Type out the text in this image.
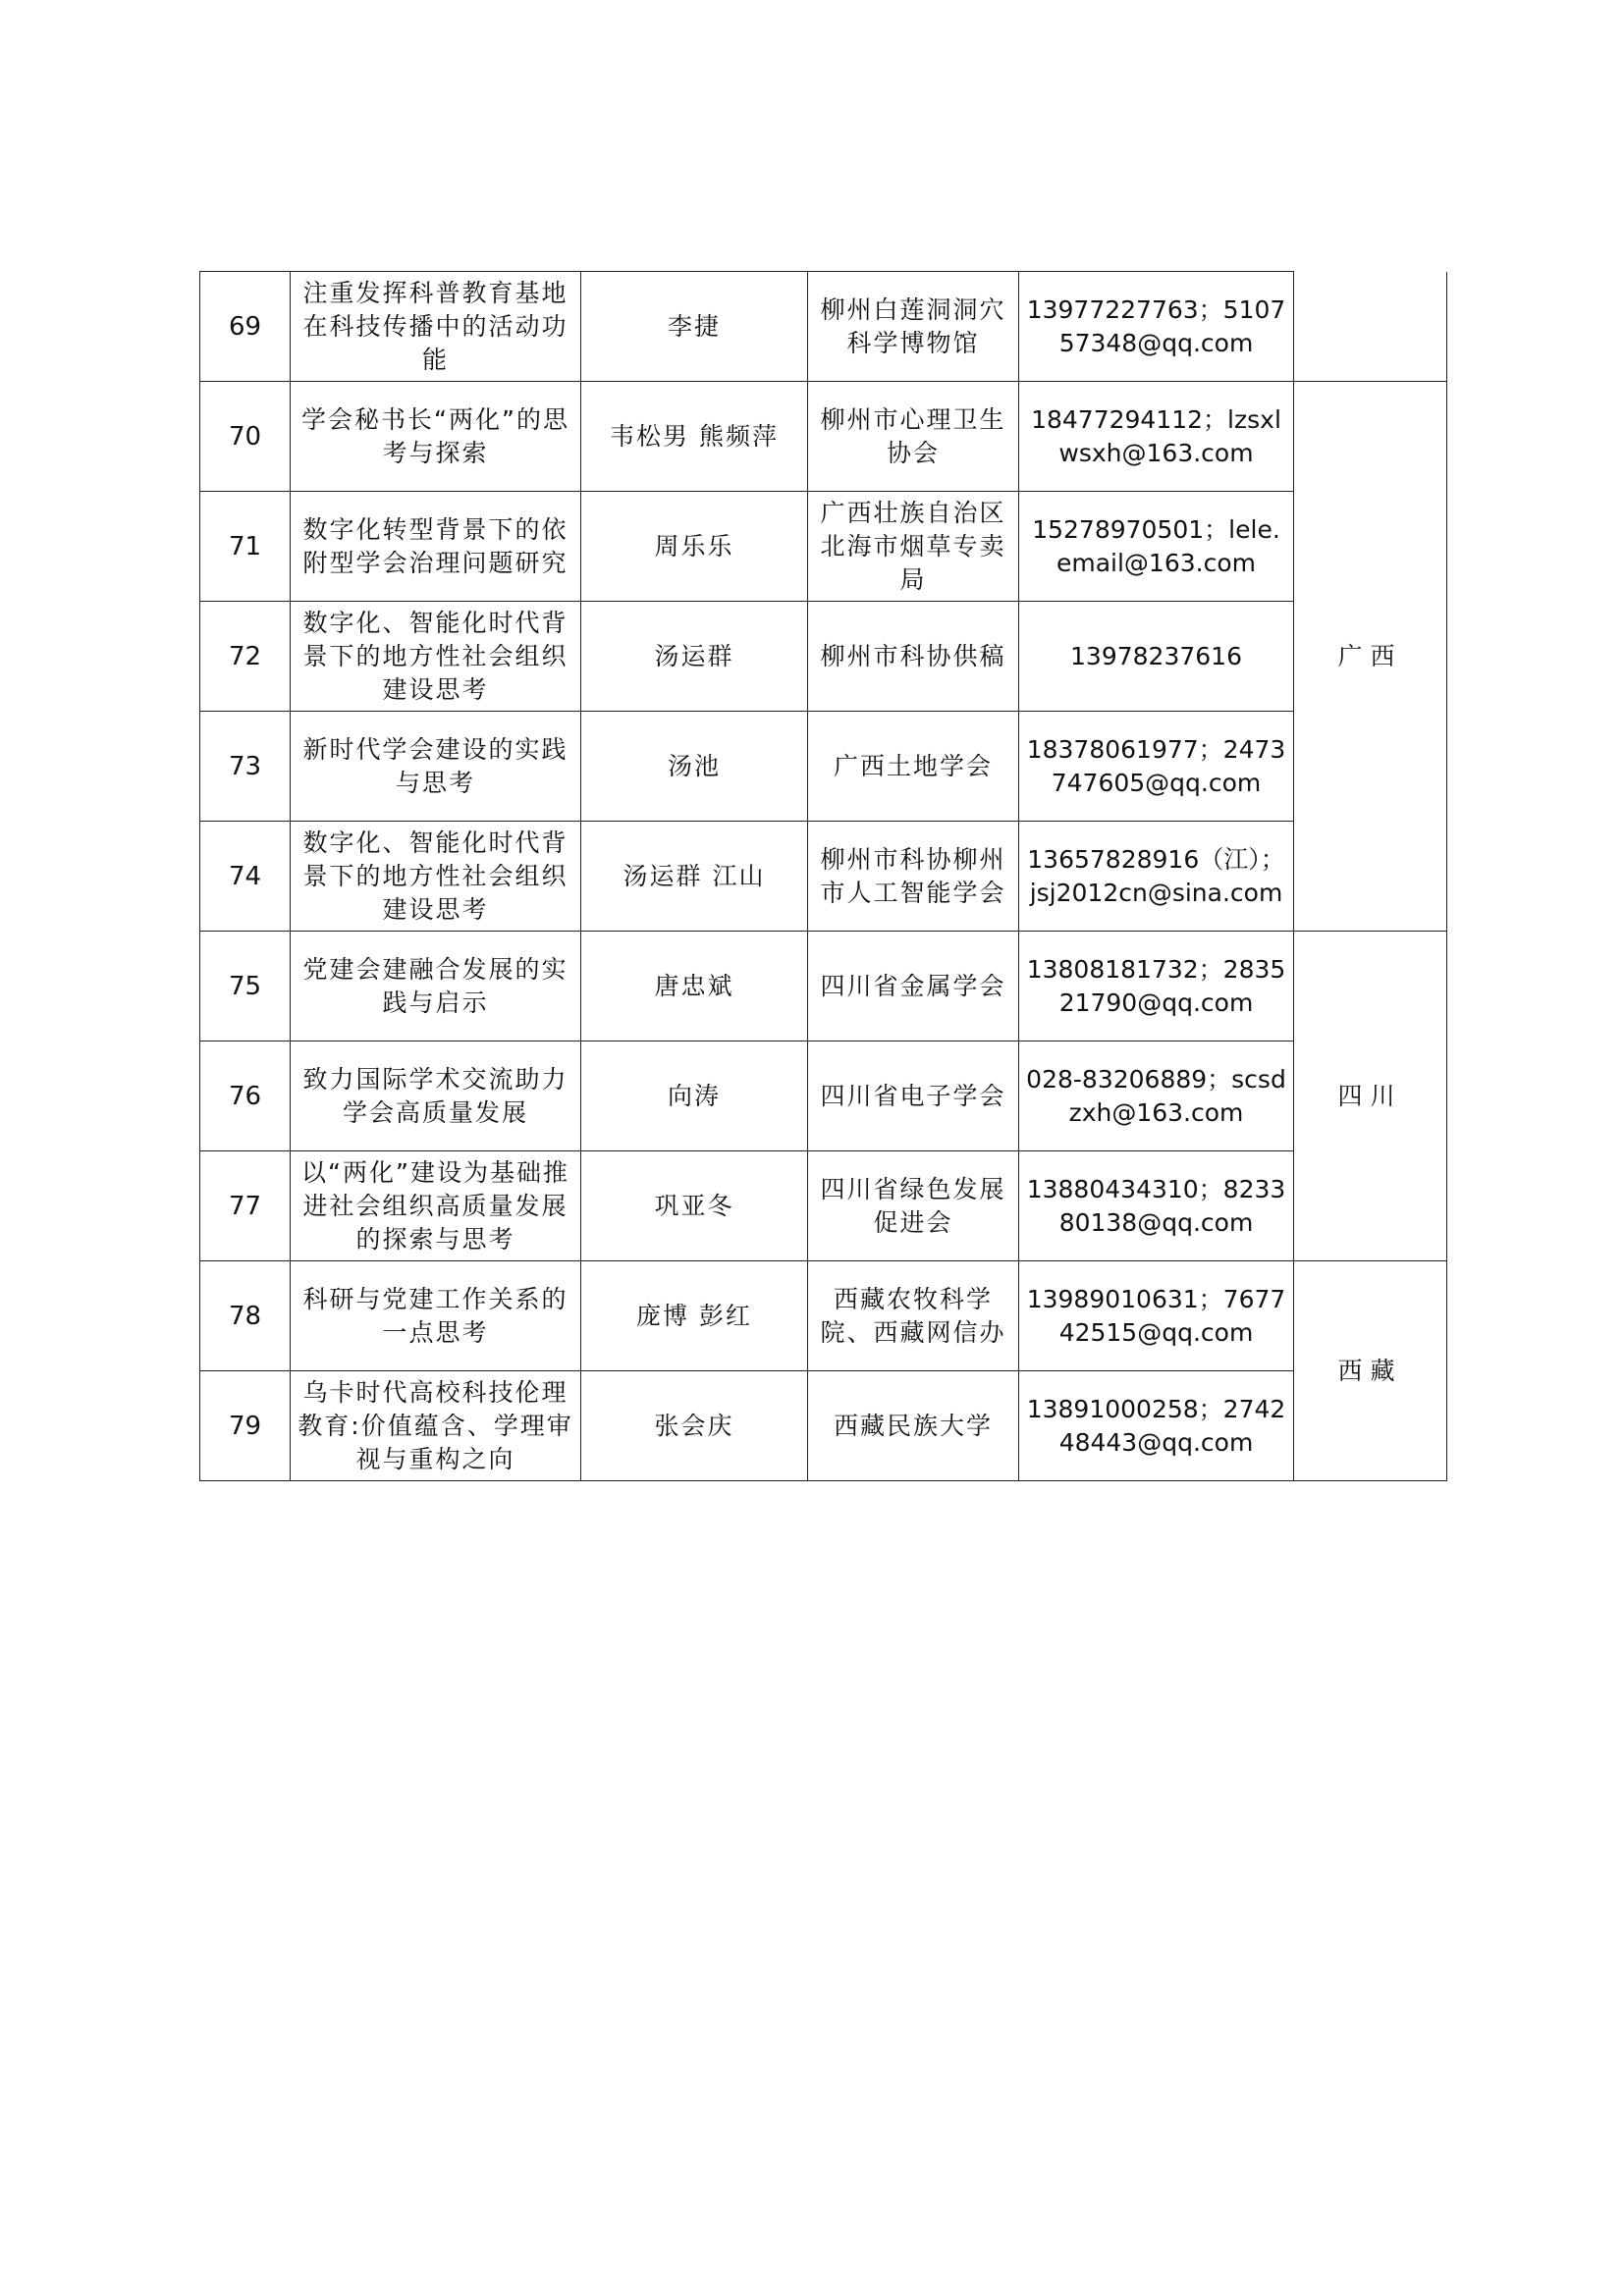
69	注重发挥科普教育基地在科技传播中的活动功能	李捷	柳州白莲洞洞穴科学博物馆	13977227763；510757348@qq.com	
70	学会秘书长“两化”的思考与探索	韦松男 熊频萍	柳州市心理卫生协会	18477294112；lzsxlwsxh@163.com	广西
71	数字化转型背景下的依附型学会治理问题研究	周乐乐	广西壮族自治区北海市烟草专卖局	15278970501；lele.email@163.com	
72	数字化、智能化时代背景下的地方性社会组织建设思考	汤运群	柳州市科协供稿	13978237616	
73	新时代学会建设的实践与思考	汤池	广西土地学会	18378061977；2473747605@qq.com	
74	数字化、智能化时代背景下的地方性社会组织建设思考	汤运群 江山	柳州市科协柳州市人工智能学会	13657828916（江）；jsj2012cn@sina.com	
75	党建会建融合发展的实践与启示	唐忠斌	四川省金属学会	13808181732；283521790@qq.com	四川
76	致力国际学术交流助力学会高质量发展	向涛	四川省电子学会	028-83206889；scsdzxh@163.com	
77	以“两化”建设为基础推进社会组织高质量发展的探索与思考	巩亚冬	四川省绿色发展促进会	13880434310；823380138@qq.com	
78	科研与党建工作关系的一点思考	庞博 彭红	西藏农牧科学院、西藏网信办	13989010631；767742515@qq.com	西藏
79	乌卡时代高校科技伦理教育:价值蕴含、学理审视与重构之向	张会庆	西藏民族大学	13891000258；274248443@qq.com	
